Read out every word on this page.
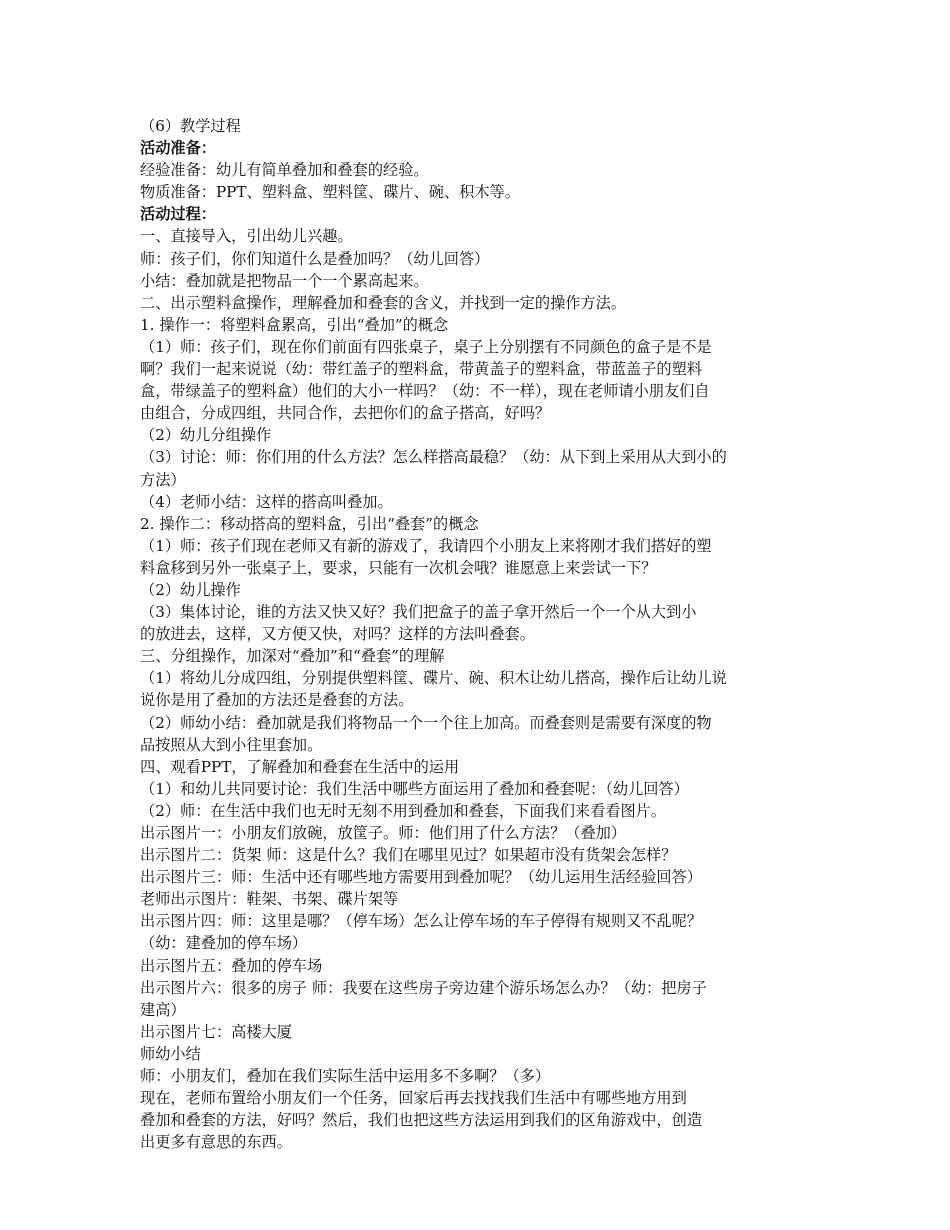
（6）教学过程
活动准备：
经验准备：幼儿有简单叠加和叠套的经验。
物质准备：PPT、塑料盒、塑料筐、碟片、碗、积木等。
活动过程：
一、直接导入，引出幼儿兴趣。
师：孩子们，你们知道什么是叠加吗？（幼儿回答）
小结：叠加就是把物品一个一个累高起来。
二、出示塑料盒操作，理解叠加和叠套的含义，并找到一定的操作方法。
1. 操作一：将塑料盒累高，引出“叠加”的概念
（1）师：孩子们，现在你们前面有四张桌子，桌子上分别摆有不同颜色的盒子是不是
啊？我们一起来说说（幼：带红盖子的塑料盒，带黄盖子的塑料盒，带蓝盖子的塑料
盒，带绿盖子的塑料盒）他们的大小一样吗？（幼：不一样），现在老师请小朋友们自
由组合，分成四组，共同合作，去把你们的盒子搭高，好吗？
（2）幼儿分组操作
（3）讨论：师：你们用的什么方法？怎么样搭高最稳？（幼：从下到上采用从大到小的
方法）
（4）老师小结：这样的搭高叫叠加。
2. 操作二：移动搭高的塑料盒，引出“叠套”的概念
（1）师：孩子们现在老师又有新的游戏了，我请四个小朋友上来将刚才我们搭好的塑
料盒移到另外一张桌子上，要求，只能有一次机会哦？谁愿意上来尝试一下？
（2）幼儿操作
（3）集体讨论，谁的方法又快又好？我们把盒子的盖子拿开然后一个一个从大到小
的放进去，这样，又方便又快，对吗？这样的方法叫叠套。
三、分组操作，加深对“叠加”和“叠套”的理解
（1）将幼儿分成四组，分别提供塑料筐、碟片、碗、积木让幼儿搭高，操作后让幼儿说
说你是用了叠加的方法还是叠套的方法。
（2）师幼小结：叠加就是我们将物品一个一个往上加高。而叠套则是需要有深度的物
品按照从大到小往里套加。
四、观看PPT，了解叠加和叠套在生活中的运用
（1）和幼儿共同要讨论：我们生活中哪些方面运用了叠加和叠套呢：（幼儿回答）
（2）师：在生活中我们也无时无刻不用到叠加和叠套，下面我们来看看图片。
出示图片一：小朋友们放碗，放筐子。师：他们用了什么方法？（叠加）
出示图片二：货架 师：这是什么？我们在哪里见过？如果超市没有货架会怎样？
出示图片三：师：生活中还有哪些地方需要用到叠加呢？（幼儿运用生活经验回答）
老师出示图片：鞋架、书架、碟片架等
出示图片四：师：这里是哪？（停车场）怎么让停车场的车子停得有规则又不乱呢？
（幼：建叠加的停车场）
出示图片五：叠加的停车场
出示图片六：很多的房子 师：我要在这些房子旁边建个游乐场怎么办？（幼：把房子
建高）
出示图片七：高楼大厦
师幼小结
师：小朋友们，叠加在我们实际生活中运用多不多啊？（多）
现在，老师布置给小朋友们一个任务，回家后再去找找我们生活中有哪些地方用到
叠加和叠套的方法，好吗？然后，我们也把这些方法运用到我们的区角游戏中，创造
出更多有意思的东西。
